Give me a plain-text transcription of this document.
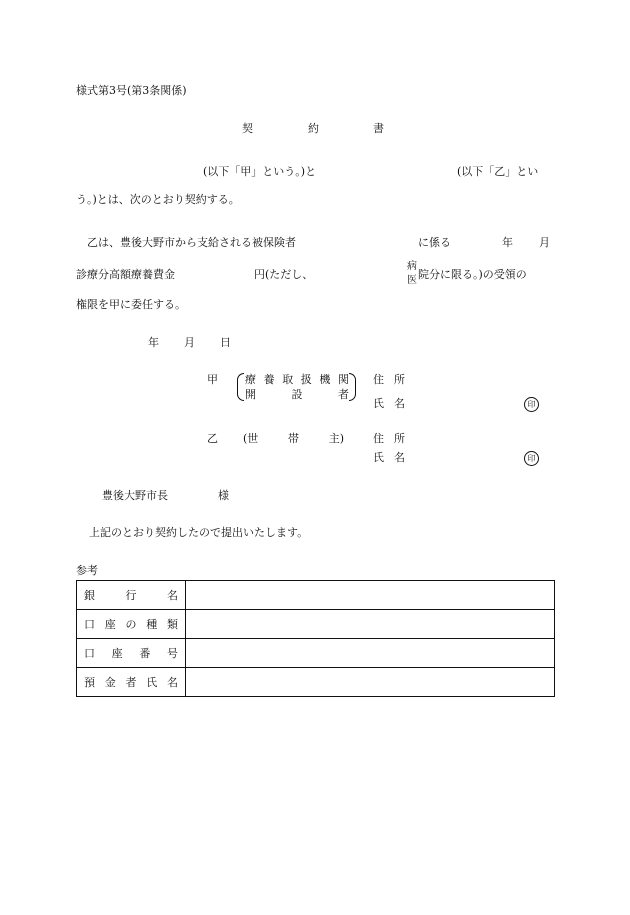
様式第3号(第3条関係)
契	約	書
(以下「甲」という。)と	(以下「乙」とい
う。)とは、次のとおり契約する。
乙は、豊後大野市から支給される被保険者	に係る	年 月
診療分高額療養費金	円(ただし、
病
医 院分に限る。)の受領の
権限を甲に委任する。
年 月 日
甲 療 養 取 扱 機 関
開	設	者
住 所
氏 名	印
乙 (世	帯	主)	住 所
氏 名	印
豊後大野市長	様
上記のとおり契約したので提出いたします。
参考
銀 行 名	

口 座 の 種 類	

口 座 番 号	

預 金 者 氏 名	
